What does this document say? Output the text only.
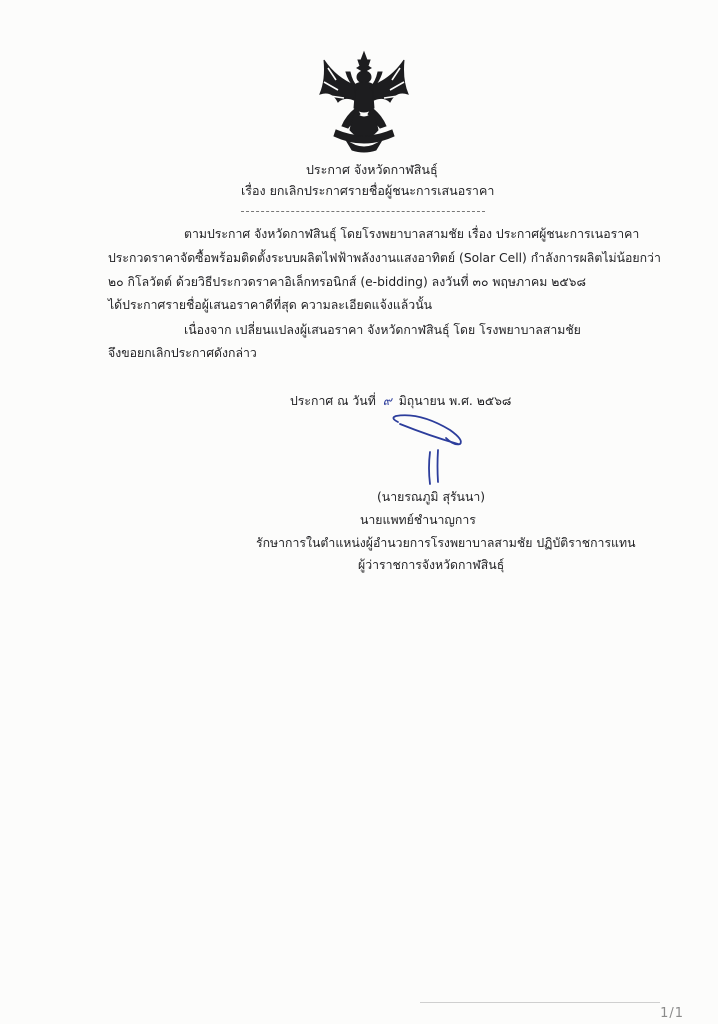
ประกาศ จังหวัดกาฬสินธุ์
เรื่อง ยกเลิกประกาศรายชื่อผู้ชนะการเสนอราคา
ตามประกาศ จังหวัดกาฬสินธุ์ โดยโรงพยาบาลสามชัย เรื่อง ประกาศผู้ชนะการเนอราคา
ประกวดราคาจัดซื้อพร้อมติดตั้งระบบผลิตไฟฟ้าพลังงานแสงอาทิตย์ (Solar Cell) กำลังการผลิตไม่น้อยกว่า
๒๐ กิโลวัตต์ ด้วยวิธีประกวดราคาอิเล็กทรอนิกส์ (e-bidding) ลงวันที่ ๓๐ พฤษภาคม ๒๕๖๘
ได้ประกาศรายชื่อผู้เสนอราคาดีที่สุด ความละเอียดแจ้งแล้วนั้น
เนื่องจาก เปลี่ยนแปลงผู้เสนอราคา จังหวัดกาฬสินธุ์ โดย โรงพยาบาลสามชัย
จึงขอยกเลิกประกาศดังกล่าว
ประกาศ ณ วันที่ ๙ มิถุนายน พ.ศ. ๒๕๖๘
(นายรณภูมิ สุรันนา)
นายแพทย์ชำนาญการ
รักษาการในตำแหน่งผู้อำนวยการโรงพยาบาลสามชัย ปฏิบัติราชการแทน
ผู้ว่าราชการจังหวัดกาฬสินธุ์
1/1
